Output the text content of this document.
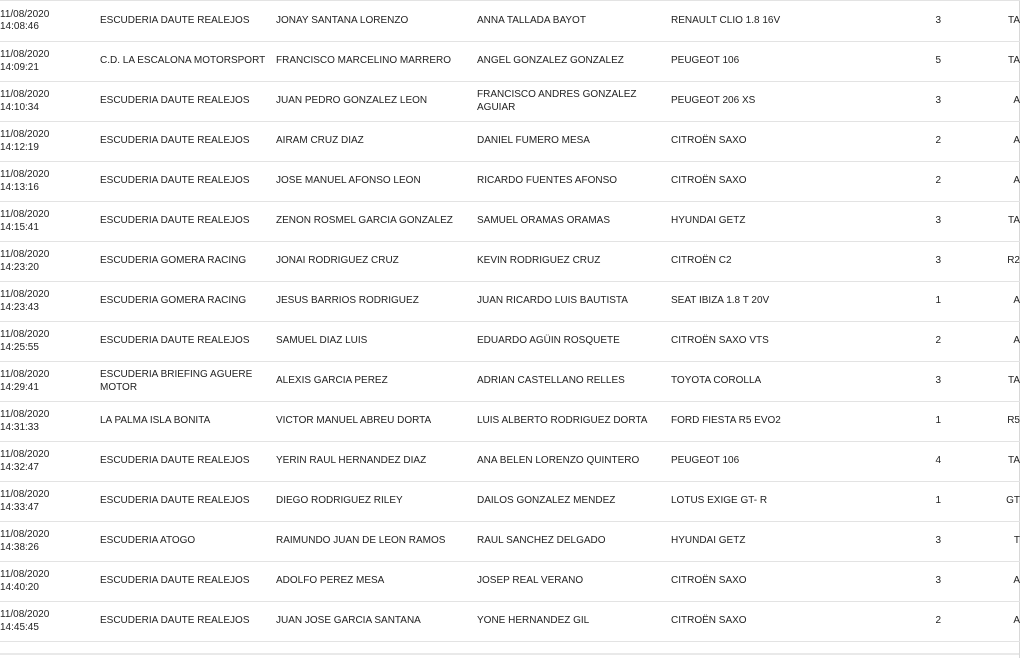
11/08/2020
14:08:46	ESCUDERIA DAUTE REALEJOS	JONAY SANTANA LORENZO	ANNA TALLADA BAYOT	RENAULT CLIO 1.8 16V	3	TA

11/08/2020
14:09:21	C.D. LA ESCALONA MOTORSPORT	FRANCISCO MARCELINO MARRERO	ANGEL GONZALEZ GONZALEZ	PEUGEOT 106	5	TA

11/08/2020
14:10:34	ESCUDERIA DAUTE REALEJOS	JUAN PEDRO GONZALEZ LEON	FRANCISCO ANDRES GONZALEZ AGUIAR	PEUGEOT 206 XS	3	A

11/08/2020
14:12:19	ESCUDERIA DAUTE REALEJOS	AIRAM CRUZ DIAZ	DANIEL FUMERO MESA	CITROËN SAXO	2	A

11/08/2020
14:13:16	ESCUDERIA DAUTE REALEJOS	JOSE MANUEL AFONSO LEON	RICARDO FUENTES AFONSO	CITROËN SAXO	2	A

11/08/2020
14:15:41	ESCUDERIA DAUTE REALEJOS	ZENON ROSMEL GARCIA GONZALEZ	SAMUEL ORAMAS ORAMAS	HYUNDAI GETZ	3	TA

11/08/2020
14:23:20	ESCUDERIA GOMERA RACING	JONAI RODRIGUEZ CRUZ	KEVIN RODRIGUEZ CRUZ	CITROËN C2	3	R2

11/08/2020
14:23:43	ESCUDERIA GOMERA RACING	JESUS BARRIOS RODRIGUEZ	JUAN RICARDO LUIS BAUTISTA	SEAT IBIZA 1.8 T 20V	1	A

11/08/2020
14:25:55	ESCUDERIA DAUTE REALEJOS	SAMUEL DIAZ LUIS	EDUARDO AGÜIN ROSQUETE	CITROËN SAXO VTS	2	A

11/08/2020
14:29:41	ESCUDERIA BRIEFING AGUERE MOTOR	ALEXIS GARCIA PEREZ	ADRIAN CASTELLANO RELLES	TOYOTA COROLLA	3	TA

11/08/2020
14:31:33	LA PALMA ISLA BONITA	VICTOR MANUEL ABREU DORTA	LUIS ALBERTO RODRIGUEZ DORTA	FORD FIESTA R5 EVO2	1	R5

11/08/2020
14:32:47	ESCUDERIA DAUTE REALEJOS	YERIN RAUL HERNANDEZ DIAZ	ANA BELEN LORENZO QUINTERO	PEUGEOT 106	4	TA

11/08/2020
14:33:47	ESCUDERIA DAUTE REALEJOS	DIEGO RODRIGUEZ RILEY	DAILOS GONZALEZ MENDEZ	LOTUS EXIGE GT- R	1	GT

11/08/2020
14:38:26	ESCUDERIA ATOGO	RAIMUNDO JUAN DE LEON RAMOS	RAUL SANCHEZ DELGADO	HYUNDAI GETZ	3	T

11/08/2020
14:40:20	ESCUDERIA DAUTE REALEJOS	ADOLFO PEREZ MESA	JOSEP REAL VERANO	CITROËN SAXO	3	A

11/08/2020
14:45:45	ESCUDERIA DAUTE REALEJOS	JUAN JOSE GARCIA SANTANA	YONE HERNANDEZ GIL	CITROËN SAXO	2	A
